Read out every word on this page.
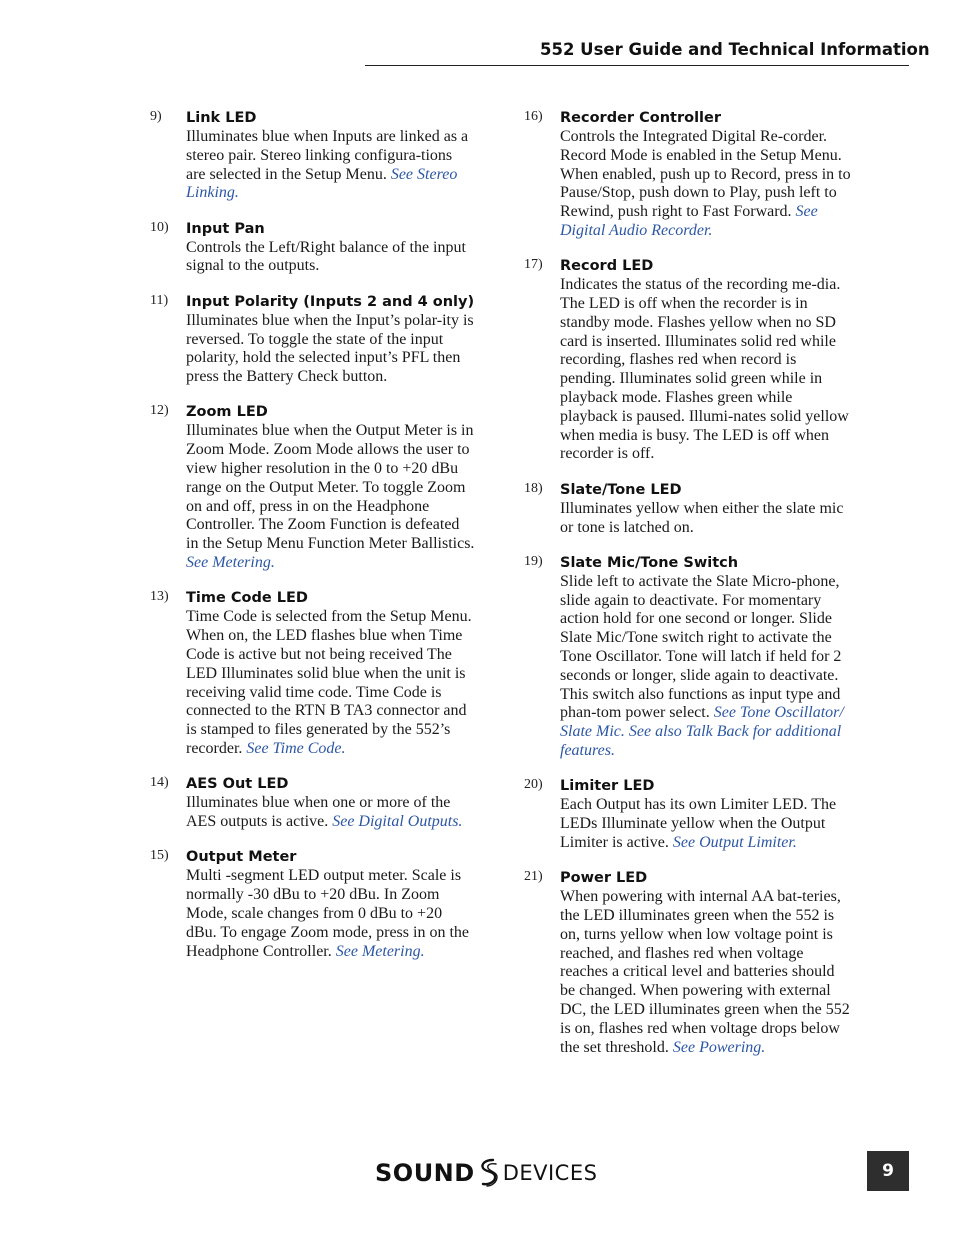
552 User Guide and Technical Information
9)	Link LED
Illuminates blue when Inputs are linked as a stereo pair. Stereo linking configura-tions are selected in the Setup Menu. See Stereo Linking.
10)	Input Pan
Controls the Left/Right balance of the input signal to the outputs.
11)	Input Polarity (Inputs 2 and 4 only)
Illuminates blue when the Input’s polar-ity is reversed. To toggle the state of the input polarity, hold the selected input’s PFL then press the Battery Check button.
12)	Zoom LED
Illuminates blue when the Output Meter is in Zoom Mode. Zoom Mode allows the user to view higher resolution in the 0 to +20 dBu range on the Output Meter. To toggle Zoom on and off, press in on the Headphone Controller. The Zoom Function is defeated in the Setup Menu Function Meter Ballistics. See Metering.
13)	Time Code LED
Time Code is selected from the Setup Menu. When on, the LED flashes blue when Time Code is active but not being received The LED Illuminates solid blue when the unit is receiving valid time code. Time Code is connected to the RTN B TA3 connector and is stamped to files generated by the 552’s recorder. See Time Code.
14)	AES Out LED
Illuminates blue when one or more of the AES outputs is active. See Digital Outputs.
15)	Output Meter
Multi -segment LED output meter. Scale is normally -30 dBu to +20 dBu. In Zoom Mode, scale changes from 0 dBu to +20 dBu. To engage Zoom mode, press in on the Headphone Controller. See Metering.
16)	Recorder Controller
Controls the Integrated Digital Re-corder. Record Mode is enabled in the Setup Menu. When enabled, push up to Record, press in to Pause/Stop, push down to Play, push left to Rewind, push right to Fast Forward. See Digital Audio Recorder.
17)	Record LED
Indicates the status of the recording me-dia. The LED is off when the recorder is in standby mode. Flashes yellow when no SD card is inserted. Illuminates solid red while recording, flashes red when record is pending. Illuminates solid green while in playback mode. Flashes green while playback is paused. Illumi-nates solid yellow when media is busy. The LED is off when recorder is off.
18)	Slate/Tone LED
Illuminates yellow when either the slate mic or tone is latched on.
19)	Slate Mic/Tone Switch
Slide left to activate the Slate Micro-phone, slide again to deactivate. For momentary action hold for one second or longer. Slide Slate Mic/Tone switch right to activate the Tone Oscillator. Tone will latch if held for 2 seconds or longer, slide again to deactivate. This switch also functions as input type and phan-tom power select. See Tone Oscillator/ Slate Mic. See also Talk Back for additional features.
20)	Limiter LED
Each Output has its own Limiter LED. The LEDs Illuminate yellow when the Output Limiter is active. See Output Limiter.
21)	Power LED
When powering with internal AA bat-teries, the LED illuminates green when the 552 is on, turns yellow when low voltage point is reached, and flashes red when voltage reaches a critical level and batteries should be changed. When powering with external DC, the LED illuminates green when the 552 is on, flashes red when voltage drops below the set threshold. See Powering.
SOUND DEVICES	9
